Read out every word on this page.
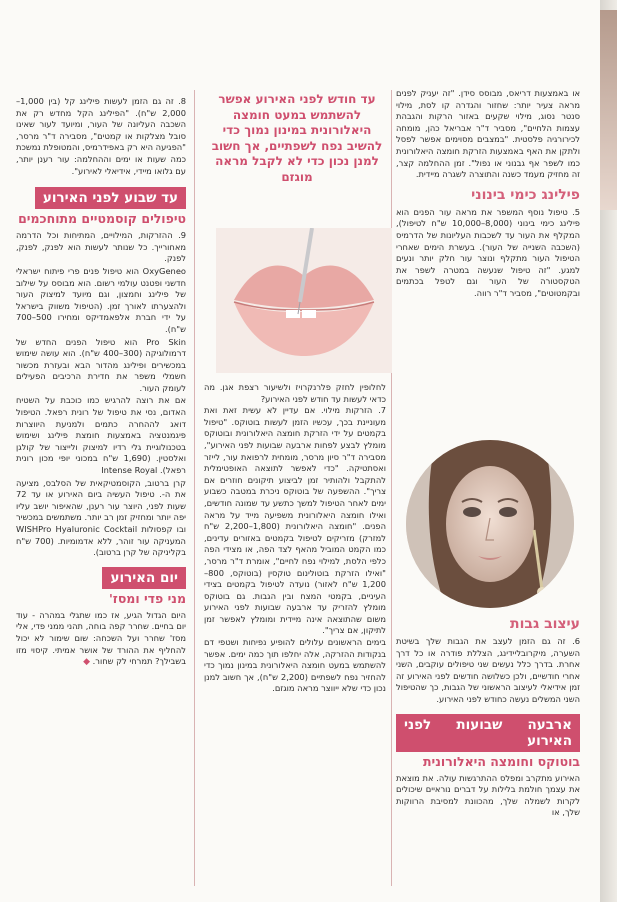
או באמצעות דריאס, מבוסס סידן. "זה יעניק לפנים מראה צעיר יותר: שחזור והגדרה קו לסת, מילוי סנטר נסוג, מילוי שקעים באזור הרקות והגבהת עצמות הלחיים", מסביר ד"ר אבריאל כהן, מומחה לכירורגיה פלסטית. "במצבים מסוימים אפשר לפסל ולתקן את האף באמצעות הזרקת חומצה היאלורונית כמו לשפר אף גבנוני או נפול". זמן ההחלמה קצר, זה מחזיק מעמד כשנה והתוצרה לשגרה מיידית.

פילינג כימי בינוני

5. טיפול נוסף המשפר את מראה עור הפנים הוא פילינג כימי בינוני (8,000–10,000 ש"ח לטיפול), המקלף את העור עד לשכבות העליונות של הדרמיס (השכבה השנייה של העור). בעשרת הימים שאחרי הטיפול העור מתקלף ונוצר עור חלק יותר ונעים למגע. "זה טיפול שנעשה במטרה לשפר את הטקסטורה של העור וגם לטפל בכתמים ובקמטוטים", מסביר ד"ר רווה.

עיצוב גבות

6. זה גם הזמן לעצב את הגבות שלך בשיטת השערה, מיקרובליידינג, הצללת פודרה או כל דרך אחרת. בדרך כלל נעשים שני טיפולים עוקבים, השני אחרי חודשיים, ולכן כשלושה חודשים לפני האירוע זה זמן אידיאלי לעיצוב הראשוני של הגבות, כך שהטיפול השני המשלים נעשה כחודש לפני האירוע.

ארבעה שבועות לפני האירוע
בוטוקס וחומצה היאלורונית

האירוע מתקרב ומפלס ההתרגשות עולה. את מוצאת את עצמך חולמת בלילות על דברים נוראיים שיכולים לקרות לשמלה שלך, מהכוונת למסיבת הרווקות שלך, או

עד חודש לפני האירוע אפשר להשתמש במעט חומצה היאלורונית במינון נמוך כדי להשיב נפח לשפתיים, אך חשוב למנן נכון כדי לא לקבל מראה מוגזם

לחלופין לחזק פלרנקרויז ולשיעור רצפת אגן. מה כדאי לעשות עד חודש לפני האירוע?

7. הזרקות מילוי. אם עדיין לא עשית זאת ואת מעוניינת בכך, עכשיו הזמן לעשות בוטוקס. "טיפול בקמטים על ידי הזרקת חומצה היאלורונית ובוטוקס מומלץ לבצע לפחות ארבעה שבועות לפני האירוע", מסבירה ד"ר סיון מרסר, מומחית לרפואת עור, לייזר ואסתטיקה. "כדי לאפשר לתוצאה האופטימלית להתקבל ולהותיר זמן לביצוע תיקונים חוזרים אם צריך". ההשפעה של בוטוקס ניכרת במטבה כשבוע ימים לאחר הטיפול למשך כתשע עד שמונה חודשים, ואילו חומצה היאלורונית משפיעה מייד על מראה הפנים. "חומצה היאלורונית (1,800–2,200 ש"ח למזרק) מזריקים לטיפול בקמטים באזורים עדינים, כמו הקמט המוביל מהאף לצד הפה, או מצידי הפה כלפי הלסת, למילוי נפח לחיים", אומרת ד"ר מרסר, "ואילו הזרקת בוטולינום טוקסין (בוטוקס, 800–1,200 ש"ח לאזור) נועדה לטיפול בקמטים בצידי העיניים, בקמטי המצח ובין הגבות. גם בוטוקס מומלץ להזריק עד ארבעה שבועות לפני האירוע משום שהתוצאה אינה מיידית ומומלץ לאפשר זמן לתיקון, אם צריך".

בימים הראשונים עלולים להופיע נפיחות ושטפי דם בנקודות ההזרקה, אלה יחלפו תוך כמה ימים. אפשר להשתמש במעט חומצה היאלורונית במינון נמוך כדי להחזיר נפח לשפתיים (2,200 ש"ח), אך חשוב למנן נכון כדי שלא ייווצר מראה מוגזם.

8. זה גם הזמן לעשות פילינג קל (בין 1,000–2,000 ש"ח). "הפילינג הקל מחדש רק את השכבה העליונה של העור, ומיועד לעור שאינו סובל מצלקות או קמטים", מסבירה ד"ר מרסר, "הפגיעה היא רק באפידרמיס, והמטופלת נמשכת כמה שעות או ימים וההחלמה: עור רענן יותר, עם גלואו מיידי, אידיאלי לאירוע".

עד שבוע לפני האירוע
טיפולים קוסמטיים מתוחכמים

9. ההזרקות, המילויים, המתיחות וכל הדרמה מאחורייך. כל שנותר לעשות הוא לפנק, לפנק, לפנק.

OxyGeneo הוא טיפול פנים פרי פיתוח ישראלי חדשני ופטנט עולמי רשום. הוא מבוסס על שילוב של פילינג וחמצון, וגם מיועד למיצוק העור ולהצערתו לאורך זמן. (הטיפול משווק בישראל על ידי חברת אלפאמדיקס ומחירו 500–700 ש"ח).

Pro Skin הוא טיפול הפנים החדש של דרמולוגיקה (300–400 ש"ח). הוא עושה שימוש במכשירים ופילינג מהדור הבא ובעזרת מכשור חשמלי משפר את חדירת הרכיבים הפעילים לעומק העור.

אם את רוצה להרגיש כמו כוכבת על השטיח האדום, נסי את טיפול של רונית רפאל. הטיפול דואג לההחרה כתמים ולמניעת היווצרות פיגמנטציה באמצעות חומצת פילינג ושימוש בטכנולוגיית גלי רדיו למיצוק ולייצור של קולגן ואלסטין. (1,690 ש"ח במכוני יופי מכון רונית רפאל). Intense Royal

קרן ברטוב, הקוסמטיקאית של הסלבס, מציעה את ה-. טיפול העשיה ביום האירוע או עד 72 שעות לפני, היוצר עור רענן, שהאיפור יושב עליו יפה יותר ומחזיק זמן רב יותר. משתמשים במכשיר ובו קפסולות WISHPro Hyaluronic Cocktail המעניקה עור זוהר, ללא אדמומיות. (700 ש"ח בקליניקה של קרן ברטוב).

יום האירוע
מני פדי ומסז'

היום הגדול הגיע, אז כמו שתגלי במהרה - עוד יום בחיים. שחרר קפה בוחה, תהני ממני פדי, אלי מסז' שחרר ועל השכחה: שום שימור לא יכול להחליף את ההורד של אושר אמיתי. קיסוי מזו בשבילך? תמרחי לק שחור. ◆
